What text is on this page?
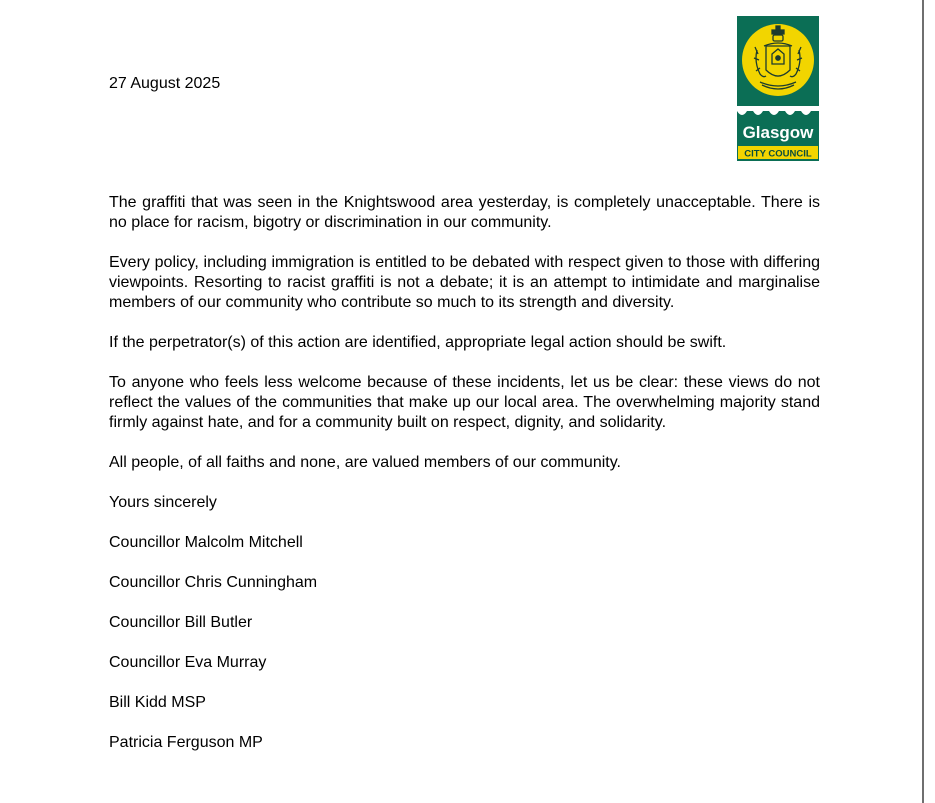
27 August 2025
Glasgow
CITY COUNCIL

The graffiti that was seen in the Knightswood area yesterday, is completely unacceptable. There is no place for racism, bigotry or discrimination in our community.

Every policy, including immigration is entitled to be debated with respect given to those with differing viewpoints. Resorting to racist graffiti is not a debate; it is an attempt to intimidate and marginalise members of our community who contribute so much to its strength and diversity.

If the perpetrator(s) of this action are identified, appropriate legal action should be swift.

To anyone who feels less welcome because of these incidents, let us be clear: these views do not reflect the values of the communities that make up our local area. The overwhelming majority stand firmly against hate, and for a community built on respect, dignity, and solidarity.

All people, of all faiths and none, are valued members of our community.

Yours sincerely

Councillor Malcolm Mitchell

Councillor Chris Cunningham

Councillor Bill Butler

Councillor Eva Murray

Bill Kidd MSP

Patricia Ferguson MP
